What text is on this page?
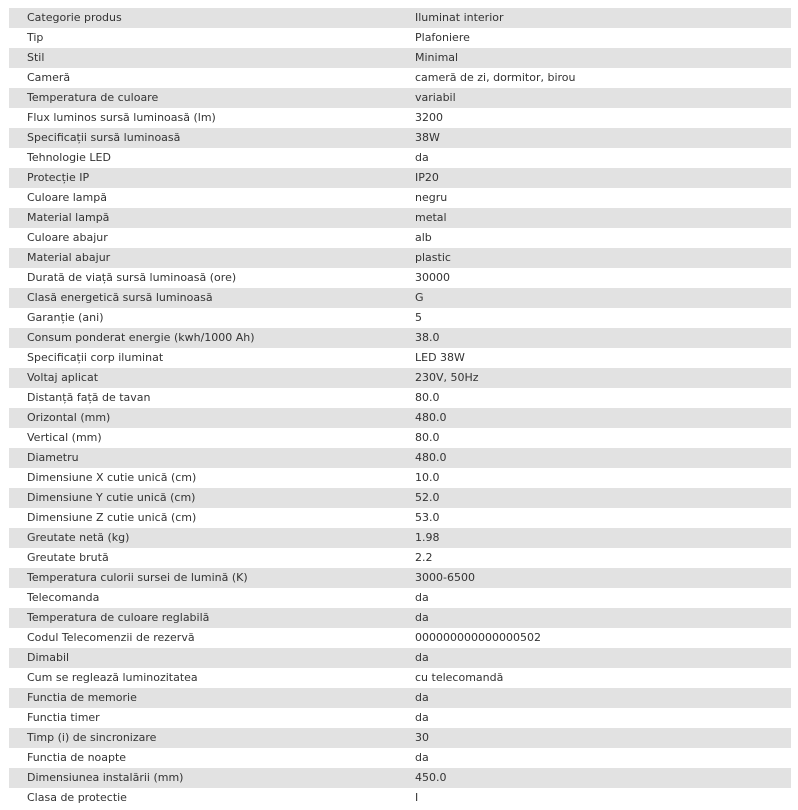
Categorie produs	Iluminat interior
Tip	Plafoniere
Stil	Minimal
Cameră	cameră de zi, dormitor, birou
Temperatura de culoare	variabil
Flux luminos sursă luminoasă (lm)	3200
Specificații sursă luminoasă	38W
Tehnologie LED	da
Protecție IP	IP20
Culoare lampă	negru
Material lampă	metal
Culoare abajur	alb
Material abajur	plastic
Durată de viață sursă luminoasă (ore)	30000
Clasă energetică sursă luminoasă	G
Garanție (ani)	5
Consum ponderat energie (kwh/1000 Ah)	38.0
Specificații corp iluminat	LED 38W
Voltaj aplicat	230V, 50Hz
Distanță față de tavan	80.0
Orizontal (mm)	480.0
Vertical (mm)	80.0
Diametru	480.0
Dimensiune X cutie unică (cm)	10.0
Dimensiune Y cutie unică (cm)	52.0
Dimensiune Z cutie unică (cm)	53.0
Greutate netă (kg)	1.98
Greutate brută	2.2
Temperatura culorii sursei de lumină (K)	3000-6500
Telecomanda	da
Temperatura de culoare reglabilă	da
Codul Telecomenzii de rezervă	000000000000000502
Dimabil	da
Cum se reglează luminozitatea	cu telecomandă
Functia de memorie	da
Functia timer	da
Timp (i) de sincronizare	30
Functia de noapte	da
Dimensiunea instalării (mm)	450.0
Clasa de protectie	I
